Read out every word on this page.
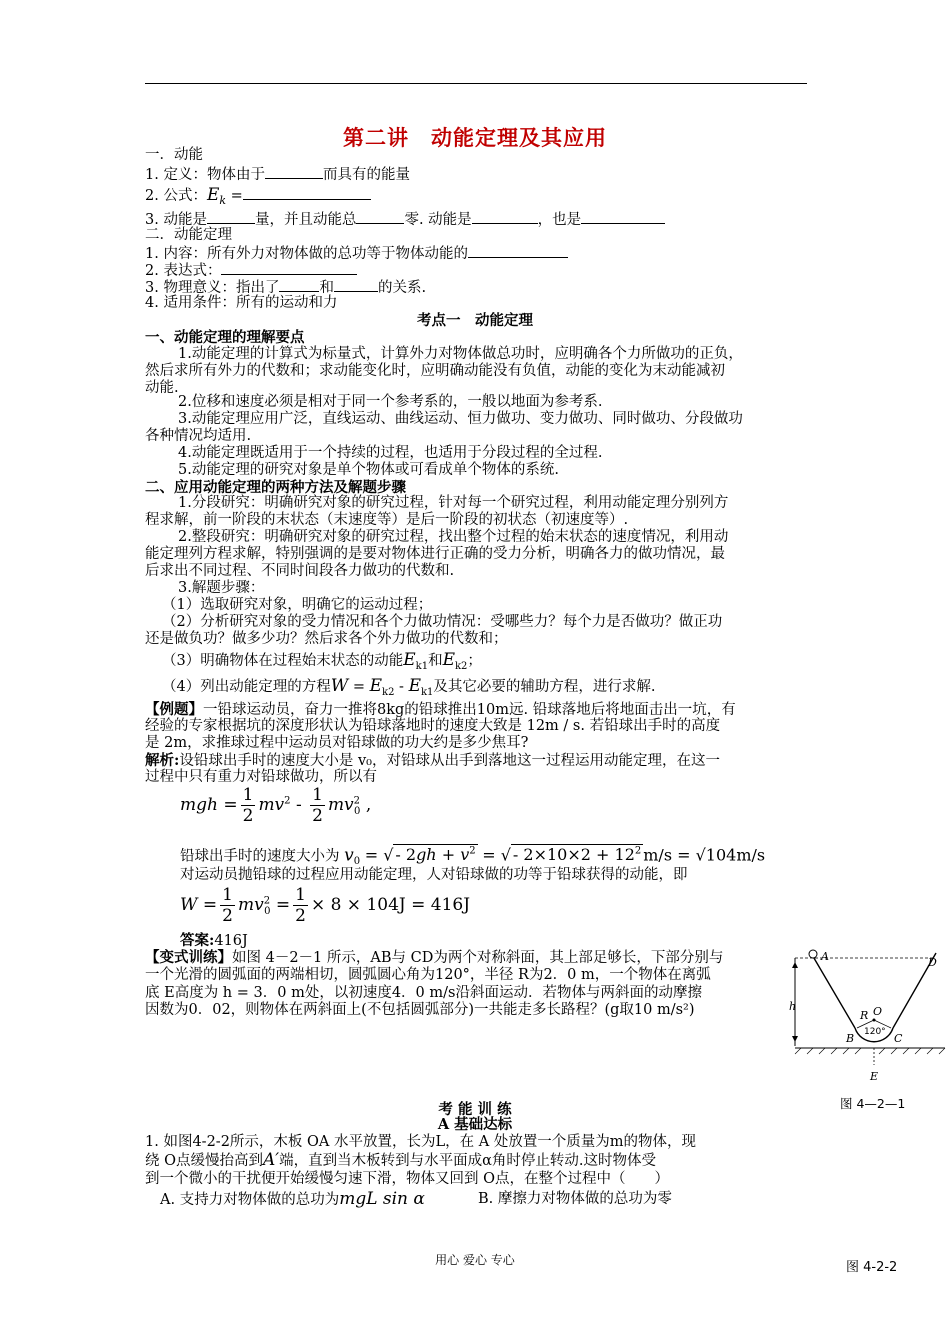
第二讲　动能定理及其应用
一．动能
1. 定义：物体由于	而具有的能量
2. 公式：$E_k$ =
3. 动能是	量，并且动能总	零. 动能是	，也是
二．动能定理
1. 内容：所有外力对物体做的总功等于物体动能的
2. 表达式：
3. 物理意义：指出了	和	的关系.
4. 适用条件：所有的运动和力
考点一　动能定理
一、动能定理的理解要点
1.动能定理的计算式为标量式，计算外力对物体做总功时，应明确各个力所做功的正负，
然后求所有外力的代数和；求动能变化时，应明确动能没有负值，动能的变化为末动能减初
动能.
2.位移和速度必须是相对于同一个参考系的，一般以地面为参考系.
3.动能定理应用广泛，直线运动、曲线运动、恒力做功、变力做功、同时做功、分段做功
各种情况均适用.
4.动能定理既适用于一个持续的过程，也适用于分段过程的全过程.
5.动能定理的研究对象是单个物体或可看成单个物体的系统.
二、应用动能定理的两种方法及解题步骤
1.分段研究：明确研究对象的研究过程，针对每一个研究过程，利用动能定理分别列方
程求解，前一阶段的末状态（末速度等）是后一阶段的初状态（初速度等）.
2.整段研究：明确研究对象的研究过程，找出整个过程的始末状态的速度情况，利用动
能定理列方程求解，特别强调的是要对物体进行正确的受力分析，明确各力的做功情况，最
后求出不同过程、不同时间段各力做功的代数和.
3.解题步骤：
（1）选取研究对象，明确它的运动过程；
（2）分析研究对象的受力情况和各个力做功情况：受哪些力？每个力是否做功？做正功
还是做负功？做多少功？然后求各个外力做功的代数和；
（3）明确物体在过程始末状态的动能$E_{k1}$和$E_{k2}$；
（4）列出动能定理的方程$W = E_{k2} - E_{k1}$及其它必要的辅助方程，进行求解.
【例题】一铅球运动员，奋力一推将8kg的铅球推出10m远. 铅球落地后将地面击出一坑，有
经验的专家根据坑的深度形状认为铅球落地时的速度大致是 12m / s. 若铅球出手时的高度
是 2m，求推球过程中运动员对铅球做的功大约是多少焦耳?
解析:设铅球出手时的速度大小是 v₀，对铅球从出手到落地这一过程运用动能定理，在这一
过程中只有重力对铅球做功，所以有
mgh = $\frac{1}{2} mv^2 - \frac{1}{2} mv^2_0$ ,
铅球出手时的速度大小为 $v_0$ = √ - $2gh + v^2$ = √ - $2\times 10\times 2 + 12^2$ m/s = √104m/s
对运动员抛铅球的过程应用动能定理，人对铅球做的功等于铅球获得的动能，即
$W = \frac{1}{2} mv^2_0 = \frac{1}{2} \times 8 \times 104J = 416J$
答案:416J
【变式训练】如图 4－2－1 所示，AB与 CD为两个对称斜面，其上部足够长，下部分别与
一个光滑的圆弧面的两端相切，圆弧圆心角为120°，半径 R为2．0 m，一个物体在离弧
底 E高度为 h = 3．0 m处，以初速度4．0 m/s沿斜面运动．若物体与两斜面的动摩擦
因数为0．02，则物体在两斜面上(不包括圆弧部分)一共能走多长路程？(g取10 m/s²)
A	D
h
R O
B	C
120°
E
图 4—2—1
考 能 训 练
A 基础达标
1. 如图4-2-2所示，木板 OA 水平放置，长为L，在 A 处放置一个质量为m的物体，现
绕 O点缓慢抬高到A′端，直到当木板转到与水平面成α角时停止转动.这时物体受
到一个微小的干扰便开始缓慢匀速下滑，物体又回到 O点，在整个过程中（　　）
A. 支持力对物体做的总功为mgL sin α	B. 摩擦力对物体做的总功为零
图 4-2-2
用心 爱心 专心
